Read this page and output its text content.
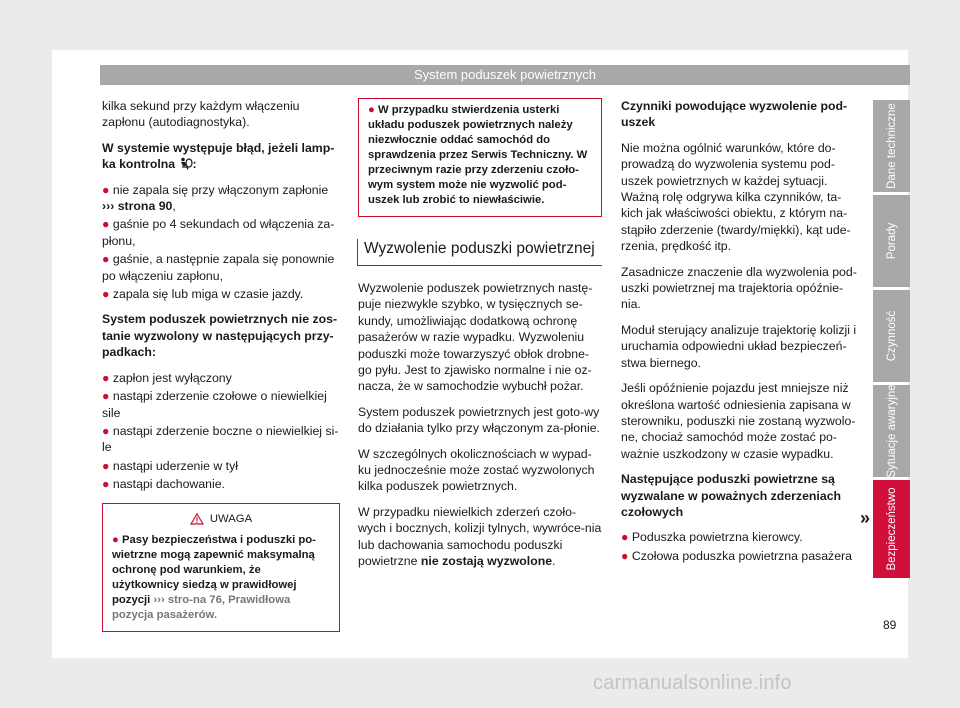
System poduszek powietrznych

kilka sekund przy każdym włączeniu zapłonu (autodiagnostyka).

W systemie występuje błąd, jeżeli lamp-ka kontrolna :

● nie zapala się przy włączonym zapłonie
››› strona 90,
● gaśnie po 4 sekundach od włączenia za-płonu,
● gaśnie, a następnie zapala się ponownie po włączeniu zapłonu,
● zapala się lub miga w czasie jazdy.

System poduszek powietrznych nie zos-tanie wyzwolony w następujących przy-padkach:

● zapłon jest wyłączony
● nastąpi zderzenie czołowe o niewielkiej sile
● nastąpi zderzenie boczne o niewielkiej si-le
● nastąpi uderzenie w tył
● nastąpi dachowanie.
UWAGA
● Pasy bezpieczeństwa i poduszki po-wietrzne mogą zapewnić maksymalną ochronę pod warunkiem, że użytkownicy siedzą w prawidłowej pozycji ››› stro-na 76, Prawidłowa pozycja pasażerów.
● W przypadku stwierdzenia usterki układu poduszek powietrznych należy niezwłocznie oddać samochód do sprawdzenia przez Serwis Techniczny. W przeciwnym razie przy zderzeniu czoło-wym system może nie wyzwolić pod-uszek lub zrobić to niewłaściwie.
Wyzwolenie poduszki powietrznej

Wyzwolenie poduszek powietrznych nastę-puje niezwykle szybko, w tysięcznych se-kundy, umożliwiając dodatkową ochronę pasażerów w razie wypadku. Wyzwoleniu poduszki może towarzyszyć obłok drobne-go pyłu. Jest to zjawisko normalne i nie oz-nacza, że w samochodzie wybuchł pożar.

System poduszek powietrznych jest goto-wy do działania tylko przy włączonym za-płonie.

W szczególnych okolicznościach w wypad-ku jednocześnie może zostać wyzwolonych kilka poduszek powietrznych.

W przypadku niewielkich zderzeń czoło-wych i bocznych, kolizji tylnych, wywróce-nia lub dachowania samochodu poduszki powietrzne nie zostają wyzwolone.

Czynniki powodujące wyzwolenie pod-uszek

Nie można ogólnić warunków, które do-prowadzą do wyzwolenia systemu pod-uszek powietrznych w każdej sytuacji. Ważną rolę odgrywa kilka czynników, ta-kich jak właściwości obiektu, z którym na-stąpiło zderzenie (twardy/miękki), kąt ude-rzenia, prędkość itp.

Zasadnicze znaczenie dla wyzwolenia pod-uszki powietrznej ma trajektoria opóźnie-nia.

Moduł sterujący analizuje trajektorię kolizji i uruchamia odpowiedni układ bezpieczeń-stwa biernego.

Jeśli opóźnienie pojazdu jest mniejsze niż określona wartość odniesienia zapisana w sterowniku, poduszki nie zostaną wyzwolo-ne, chociaż samochód może zostać po-ważnie uszkodzony w czasie wypadku.

Następujące poduszki powietrzne są wyzwalane w poważnych zderzeniach czołowych

● Poduszka powietrzna kierowcy.
● Czołowa poduszka powietrzna pasażera
»
Dane techniczne
Porady
Czynność
Sytuacje awaryjne
Bezpieczeństwo
89
carmanualsonline.info
